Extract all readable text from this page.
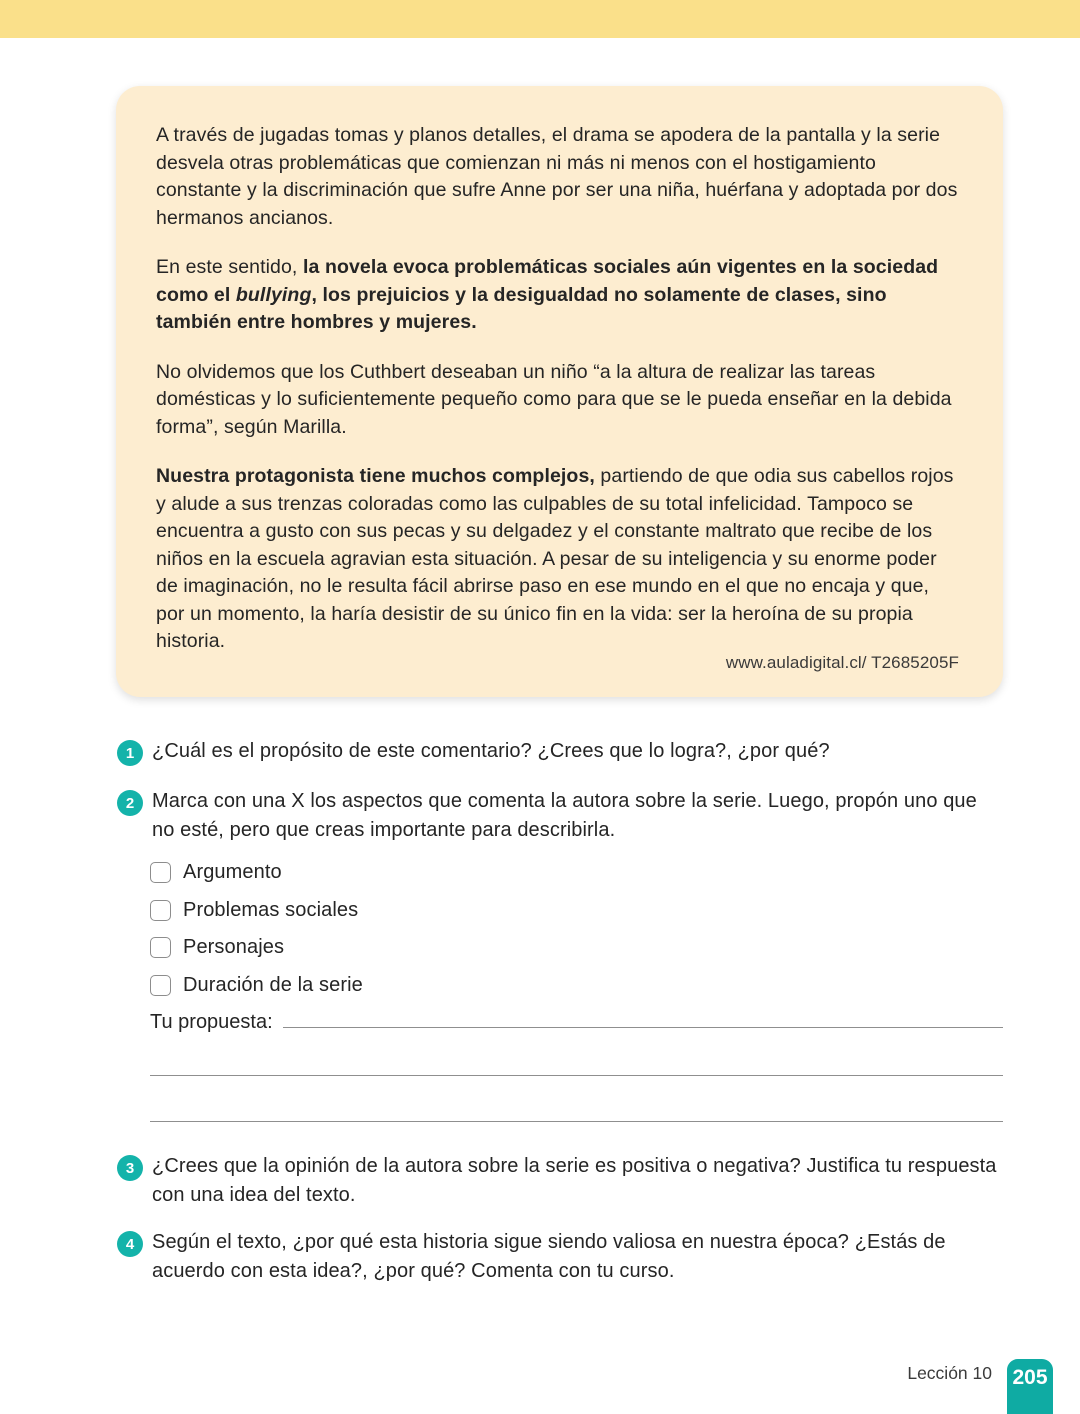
A través de jugadas tomas y planos detalles, el drama se apodera de la pantalla y la serie desvela otras problemáticas que comienzan ni más ni menos con el hostigamiento constante y la discriminación que sufre Anne por ser una niña, huérfana y adoptada por dos hermanos ancianos.

En este sentido, la novela evoca problemáticas sociales aún vigentes en la sociedad como el bullying, los prejuicios y la desigualdad no solamente de clases, sino también entre hombres y mujeres.

No olvidemos que los Cuthbert deseaban un niño “a la altura de realizar las tareas domésticas y lo suficientemente pequeño como para que se le pueda enseñar en la debida forma”, según Marilla.

Nuestra protagonista tiene muchos complejos, partiendo de que odia sus cabellos rojos y alude a sus trenzas coloradas como las culpables de su total infelicidad. Tampoco se encuentra a gusto con sus pecas y su delgadez y el constante maltrato que recibe de los niños en la escuela agravian esta situación. A pesar de su inteligencia y su enorme poder de imaginación, no le resulta fácil abrirse paso en ese mundo en el que no encaja y que, por un momento, la haría desistir de su único fin en la vida: ser la heroína de su propia historia.

www.auladigital.cl/ T2685205F
1 ¿Cuál es el propósito de este comentario? ¿Crees que lo logra?, ¿por qué?
2 Marca con una X los aspectos que comenta la autora sobre la serie. Luego, propón uno que no esté, pero que creas importante para describirla.
Argumento
Problemas sociales
Personajes
Duración de la serie
Tu propuesta:
3 ¿Crees que la opinión de la autora sobre la serie es positiva o negativa? Justifica tu respuesta con una idea del texto.
4 Según el texto, ¿por qué esta historia sigue siendo valiosa en nuestra época? ¿Estás de acuerdo con esta idea?, ¿por qué? Comenta con tu curso.
Lección 10 205
